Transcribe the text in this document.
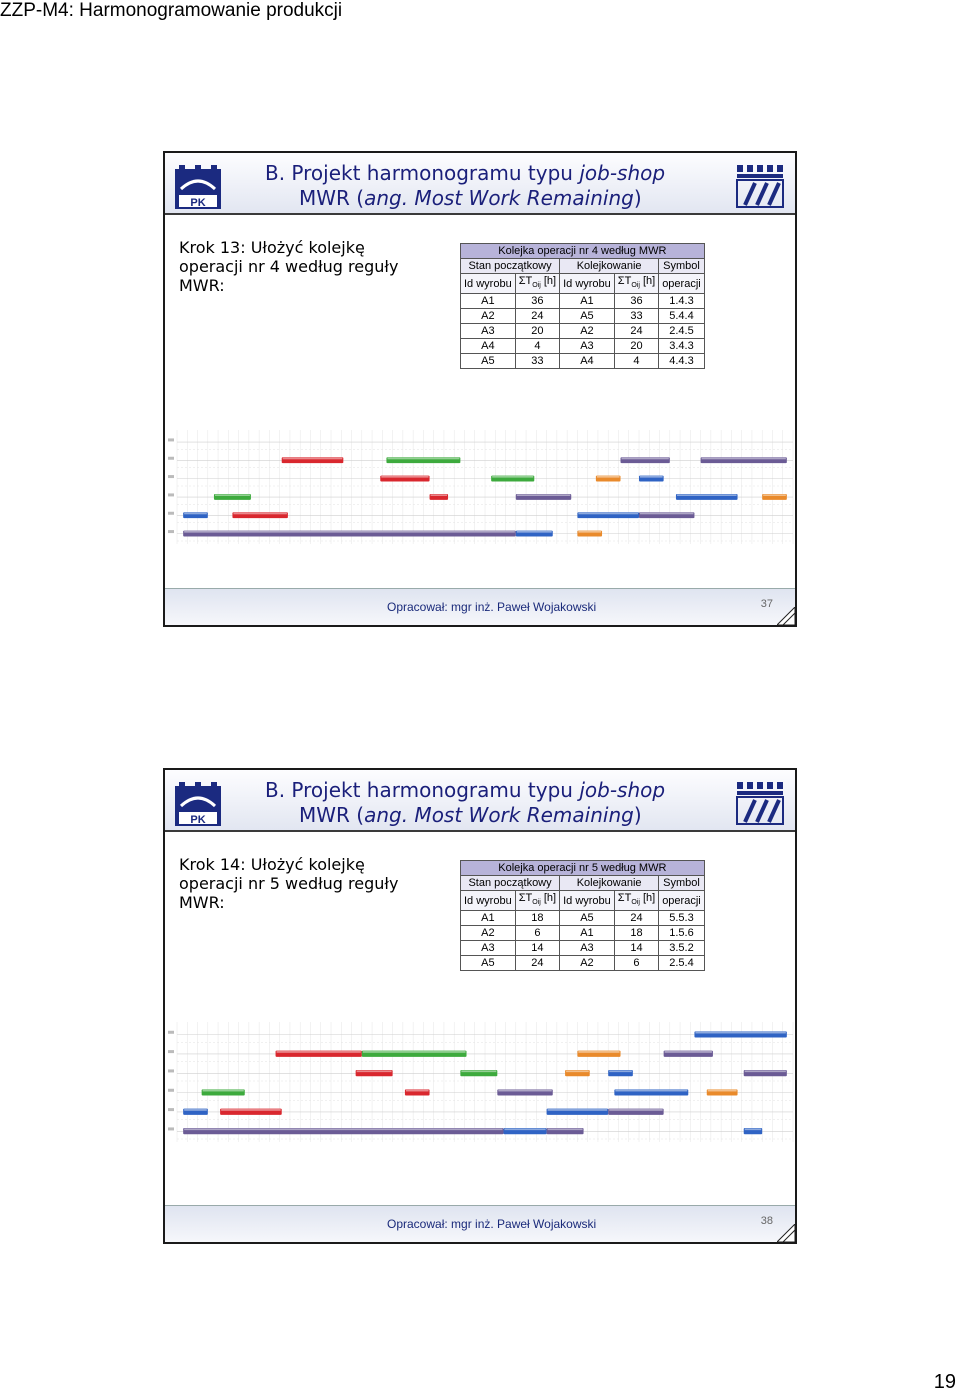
ZZP-M4: Harmonogramowanie produkcji
PK
B. Projekt harmonogramu typu job-shop
MWR (ang. Most Work Remaining)
Krok 13: Ułożyć kolejkę operacji nr 4 według reguły MWR:
Kolejka operacji nr 4 według MWR				
Stan początkowy		Kolejkowanie		Symbol
Id wyrobu	$\Sigma T_{Oij}$ [h]	Id wyrobu	$\Sigma T_{Oij}$ [h]	operacji
A1	36	A1	36	1.4.3
A2	24	A5	33	5.4.4
A3	20	A2	24	2.4.5
A4	4	A3	20	3.4.3
A5	33	A4	4	4.4.3
Opracował: mgr inż. Paweł Wojakowski	37
PK
B. Projekt harmonogramu typu job-shop
MWR (ang. Most Work Remaining)
Krok 14: Ułożyć kolejkę operacji nr 5 według reguły MWR:
Kolejka operacji nr 5 według MWR				
Stan początkowy		Kolejkowanie		Symbol
Id wyrobu	$\Sigma T_{Oij}$ [h]	Id wyrobu	$\Sigma T_{Oij}$ [h]	operacji
A1	18	A5	24	5.5.3
A2	6	A1	18	1.5.6
A3	14	A3	14	3.5.2
A5	24	A2	6	2.5.4
Opracował: mgr inż. Paweł Wojakowski	38
19
